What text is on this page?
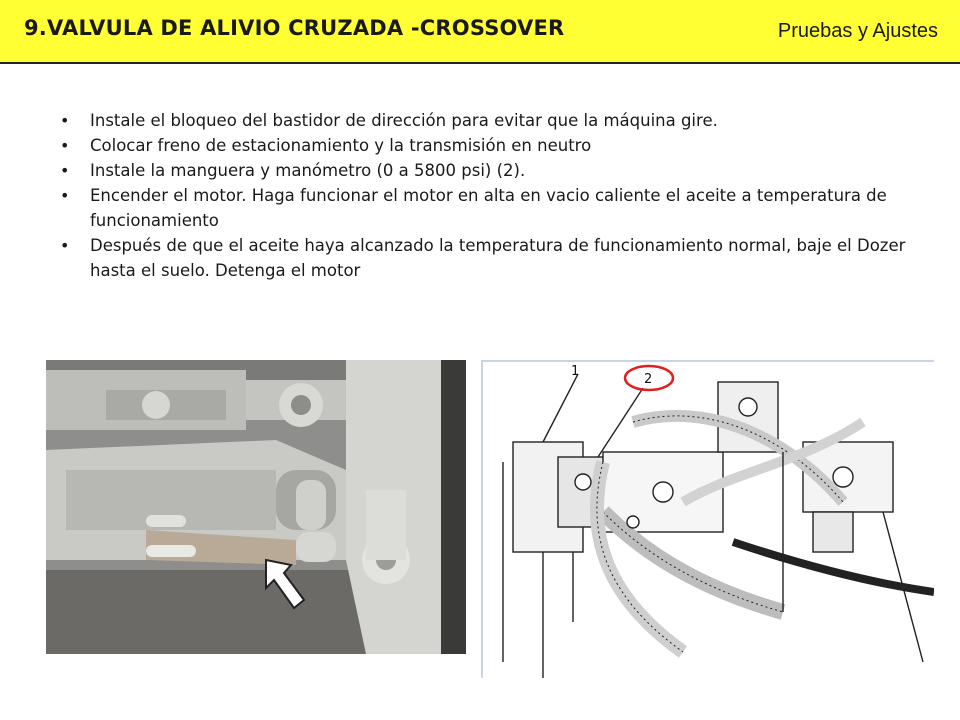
9.VALVULA DE ALIVIO CRUZADA -CROSSOVER	Pruebas y Ajustes
• Instale el bloqueo del bastidor de dirección para evitar que la máquina gire.
• Colocar freno de estacionamiento y la transmisión en neutro
• Instale la manguera y manómetro (0 a 5800 psi) (2).
• Encender el motor. Haga funcionar el motor en alta en vacio caliente el aceite a temperatura de funcionamiento
• Después de que el aceite haya alcanzado la temperatura de funcionamiento normal, baje el Dozer hasta el suelo. Detenga el motor
1
2
